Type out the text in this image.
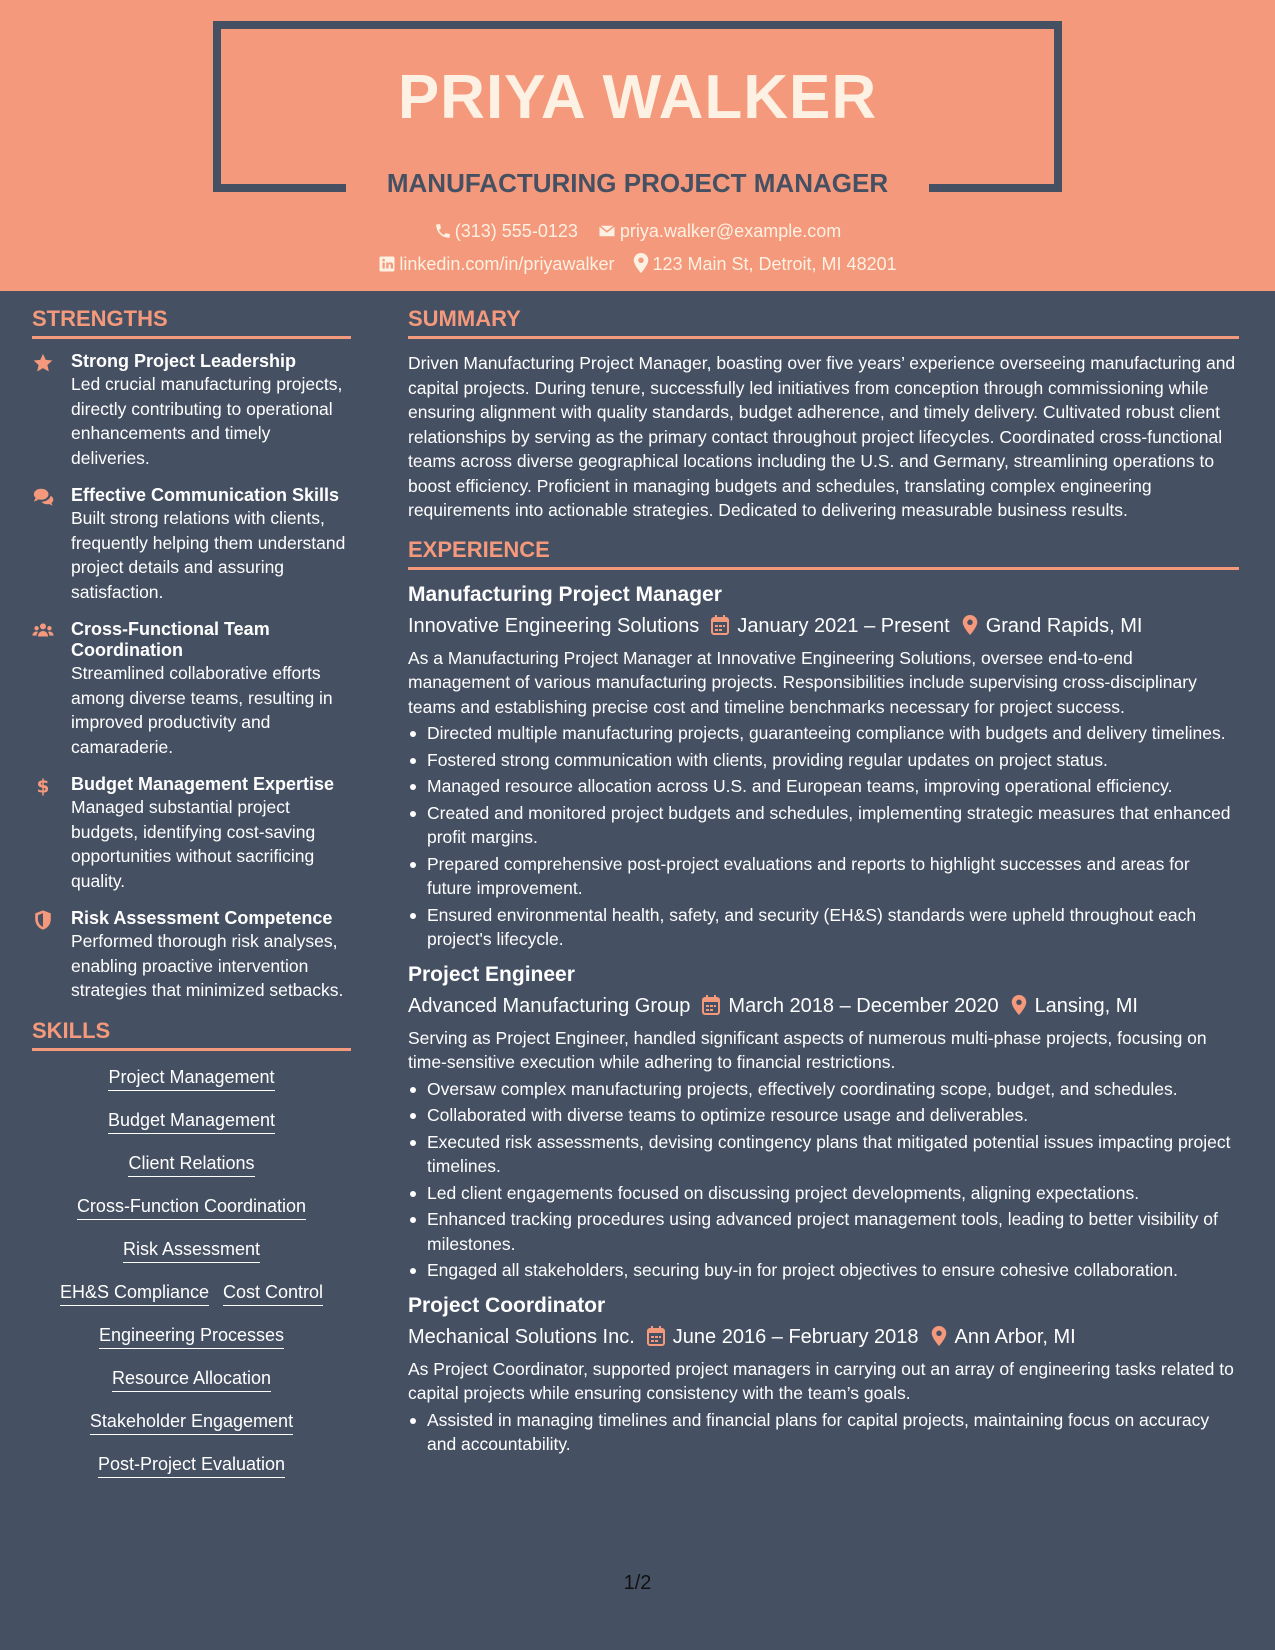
PRIYA WALKER
MANUFACTURING PROJECT MANAGER
(313) 555-0123 priya.walker@example.com
linkedin.com/in/priyawalker 123 Main St, Detroit, MI 48201
STRENGTHS
Strong Project Leadership
Led crucial manufacturing projects, directly contributing to operational enhancements and timely deliveries.
Effective Communication Skills
Built strong relations with clients, frequently helping them understand project details and assuring satisfaction.
Cross-Functional Team Coordination
Streamlined collaborative efforts among diverse teams, resulting in improved productivity and camaraderie.
$ Budget Management Expertise
Managed substantial project budgets, identifying cost-saving opportunities without sacrificing quality.
Risk Assessment Competence
Performed thorough risk analyses, enabling proactive intervention strategies that minimized setbacks.
SKILLS
Project Management
Budget Management
Client Relations
Cross-Function Coordination
Risk Assessment
EH&S Compliance Cost Control
Engineering Processes
Resource Allocation
Stakeholder Engagement
Post-Project Evaluation
SUMMARY
Driven Manufacturing Project Manager, boasting over five years’ experience overseeing manufacturing and capital projects. During tenure, successfully led initiatives from conception through commissioning while ensuring alignment with quality standards, budget adherence, and timely delivery. Cultivated robust client relationships by serving as the primary contact throughout project lifecycles. Coordinated cross-functional teams across diverse geographical locations including the U.S. and Germany, streamlining operations to boost efficiency. Proficient in managing budgets and schedules, translating complex engineering requirements into actionable strategies. Dedicated to delivering measurable business results.
EXPERIENCE
Manufacturing Project Manager
Innovative Engineering Solutions January 2021 – Present Grand Rapids, MI
As a Manufacturing Project Manager at Innovative Engineering Solutions, oversee end-to-end management of various manufacturing projects. Responsibilities include supervising cross-disciplinary teams and establishing precise cost and timeline benchmarks necessary for project success.
Directed multiple manufacturing projects, guaranteeing compliance with budgets and delivery timelines.
Fostered strong communication with clients, providing regular updates on project status.
Managed resource allocation across U.S. and European teams, improving operational efficiency.
Created and monitored project budgets and schedules, implementing strategic measures that enhanced profit margins.
Prepared comprehensive post-project evaluations and reports to highlight successes and areas for future improvement.
Ensured environmental health, safety, and security (EH&S) standards were upheld throughout each project's lifecycle.
Project Engineer
Advanced Manufacturing Group March 2018 – December 2020 Lansing, MI
Serving as Project Engineer, handled significant aspects of numerous multi-phase projects, focusing on time-sensitive execution while adhering to financial restrictions.
Oversaw complex manufacturing projects, effectively coordinating scope, budget, and schedules.
Collaborated with diverse teams to optimize resource usage and deliverables.
Executed risk assessments, devising contingency plans that mitigated potential issues impacting project timelines.
Led client engagements focused on discussing project developments, aligning expectations.
Enhanced tracking procedures using advanced project management tools, leading to better visibility of milestones.
Engaged all stakeholders, securing buy-in for project objectives to ensure cohesive collaboration.
Project Coordinator
Mechanical Solutions Inc. June 2016 – February 2018 Ann Arbor, MI
As Project Coordinator, supported project managers in carrying out an array of engineering tasks related to capital projects while ensuring consistency with the team’s goals.
Assisted in managing timelines and financial plans for capital projects, maintaining focus on accuracy and accountability.
1/2
